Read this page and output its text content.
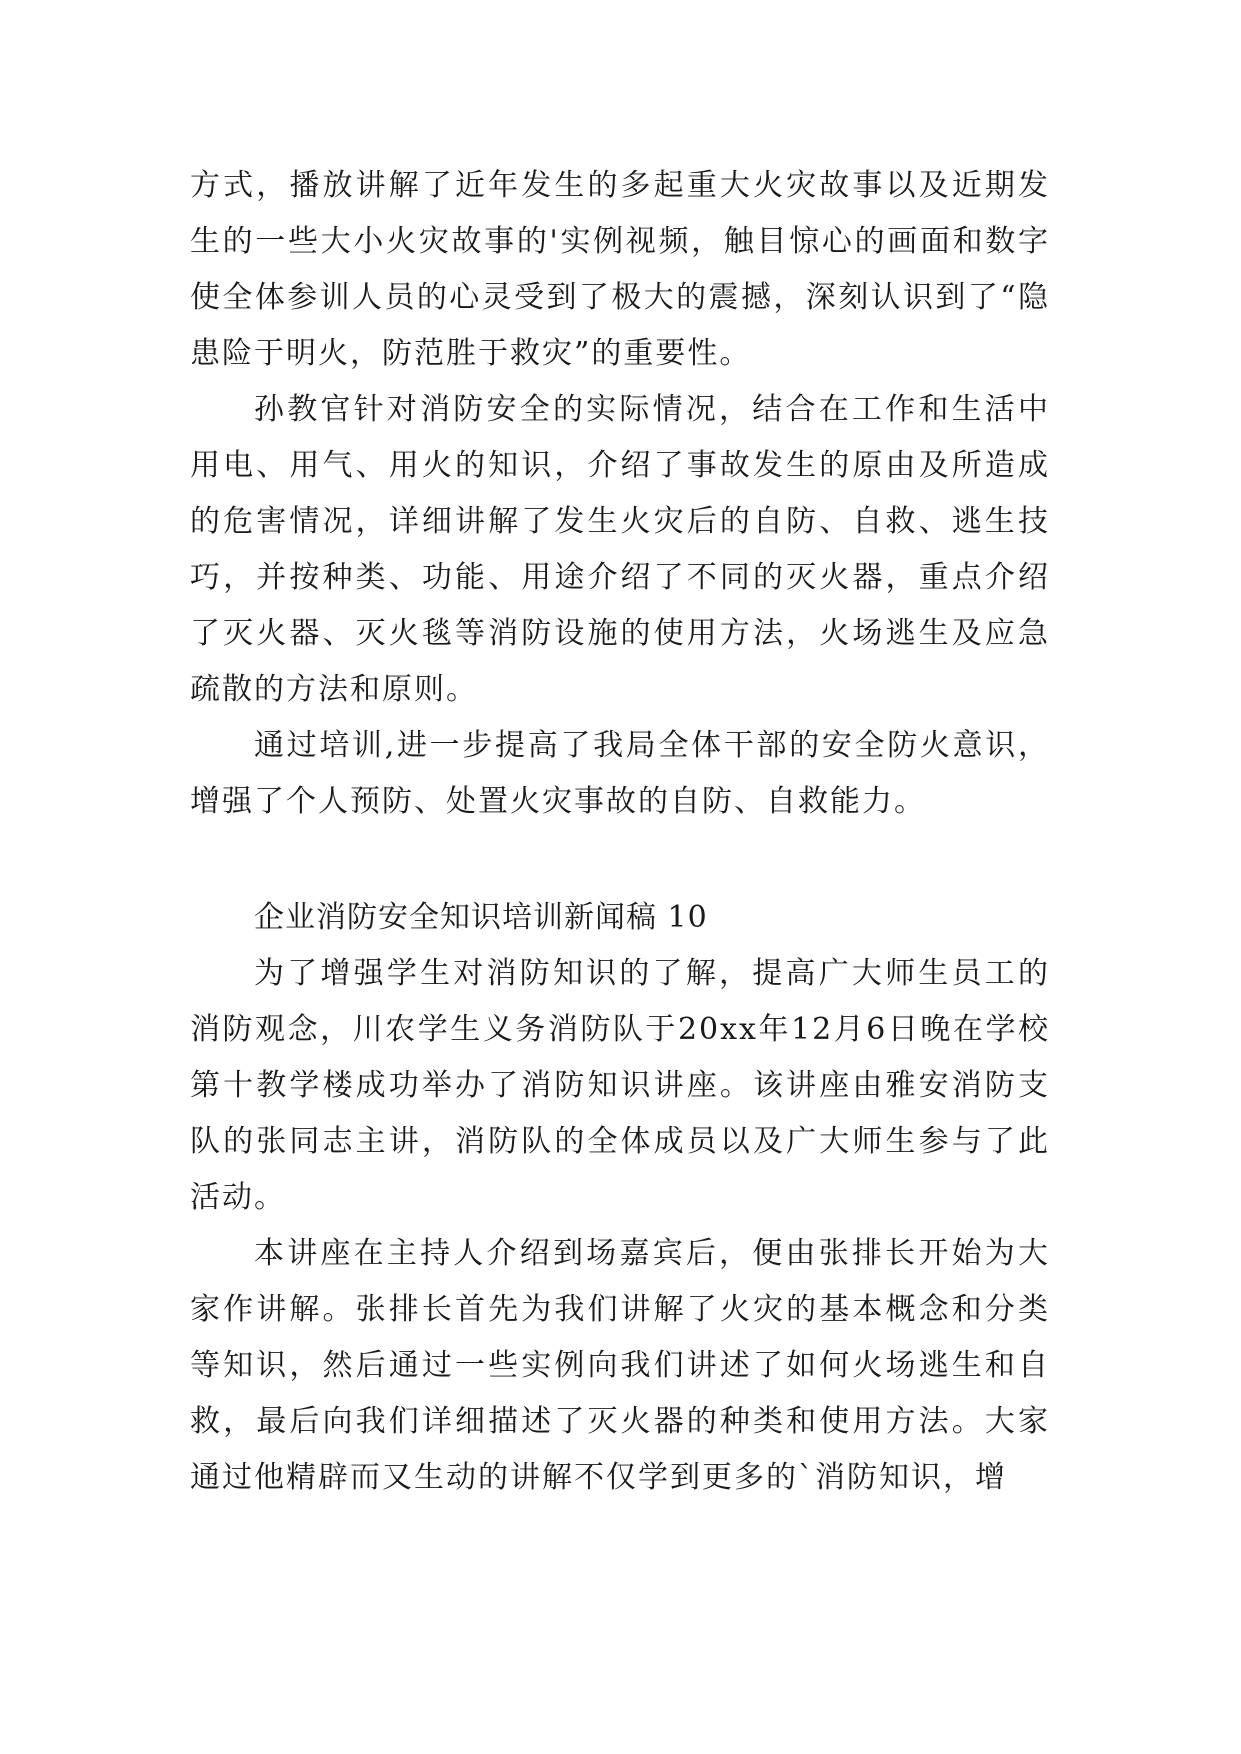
方式，播放讲解了近年发生的多起重大火灾故事以及近期发生的一些大小火灾故事的'实例视频，触目惊心的画面和数字使全体参训人员的心灵受到了极大的震撼，深刻认识到了“隐患险于明火，防范胜于救灾”的重要性。

孙教官针对消防安全的实际情况，结合在工作和生活中用电、用气、用火的知识，介绍了事故发生的原由及所造成的危害情况，详细讲解了发生火灾后的自防、自救、逃生技巧，并按种类、功能、用途介绍了不同的灭火器，重点介绍了灭火器、灭火毯等消防设施的使用方法，火场逃生及应急疏散的方法和原则。

通过培训,进一步提高了我局全体干部的安全防火意识，增强了个人预防、处置火灾事故的自防、自救能力。

企业消防安全知识培训新闻稿 10

为了增强学生对消防知识的了解，提高广大师生员工的消防观念，川农学生义务消防队于20xx年12月6日晚在学校第十教学楼成功举办了消防知识讲座。该讲座由雅安消防支队的张同志主讲，消防队的全体成员以及广大师生参与了此活动。

本讲座在主持人介绍到场嘉宾后，便由张排长开始为大家作讲解。张排长首先为我们讲解了火灾的基本概念和分类等知识，然后通过一些实例向我们讲述了如何火场逃生和自救，最后向我们详细描述了灭火器的种类和使用方法。大家通过他精辟而又生动的讲解不仅学到更多的`消防知识，增
